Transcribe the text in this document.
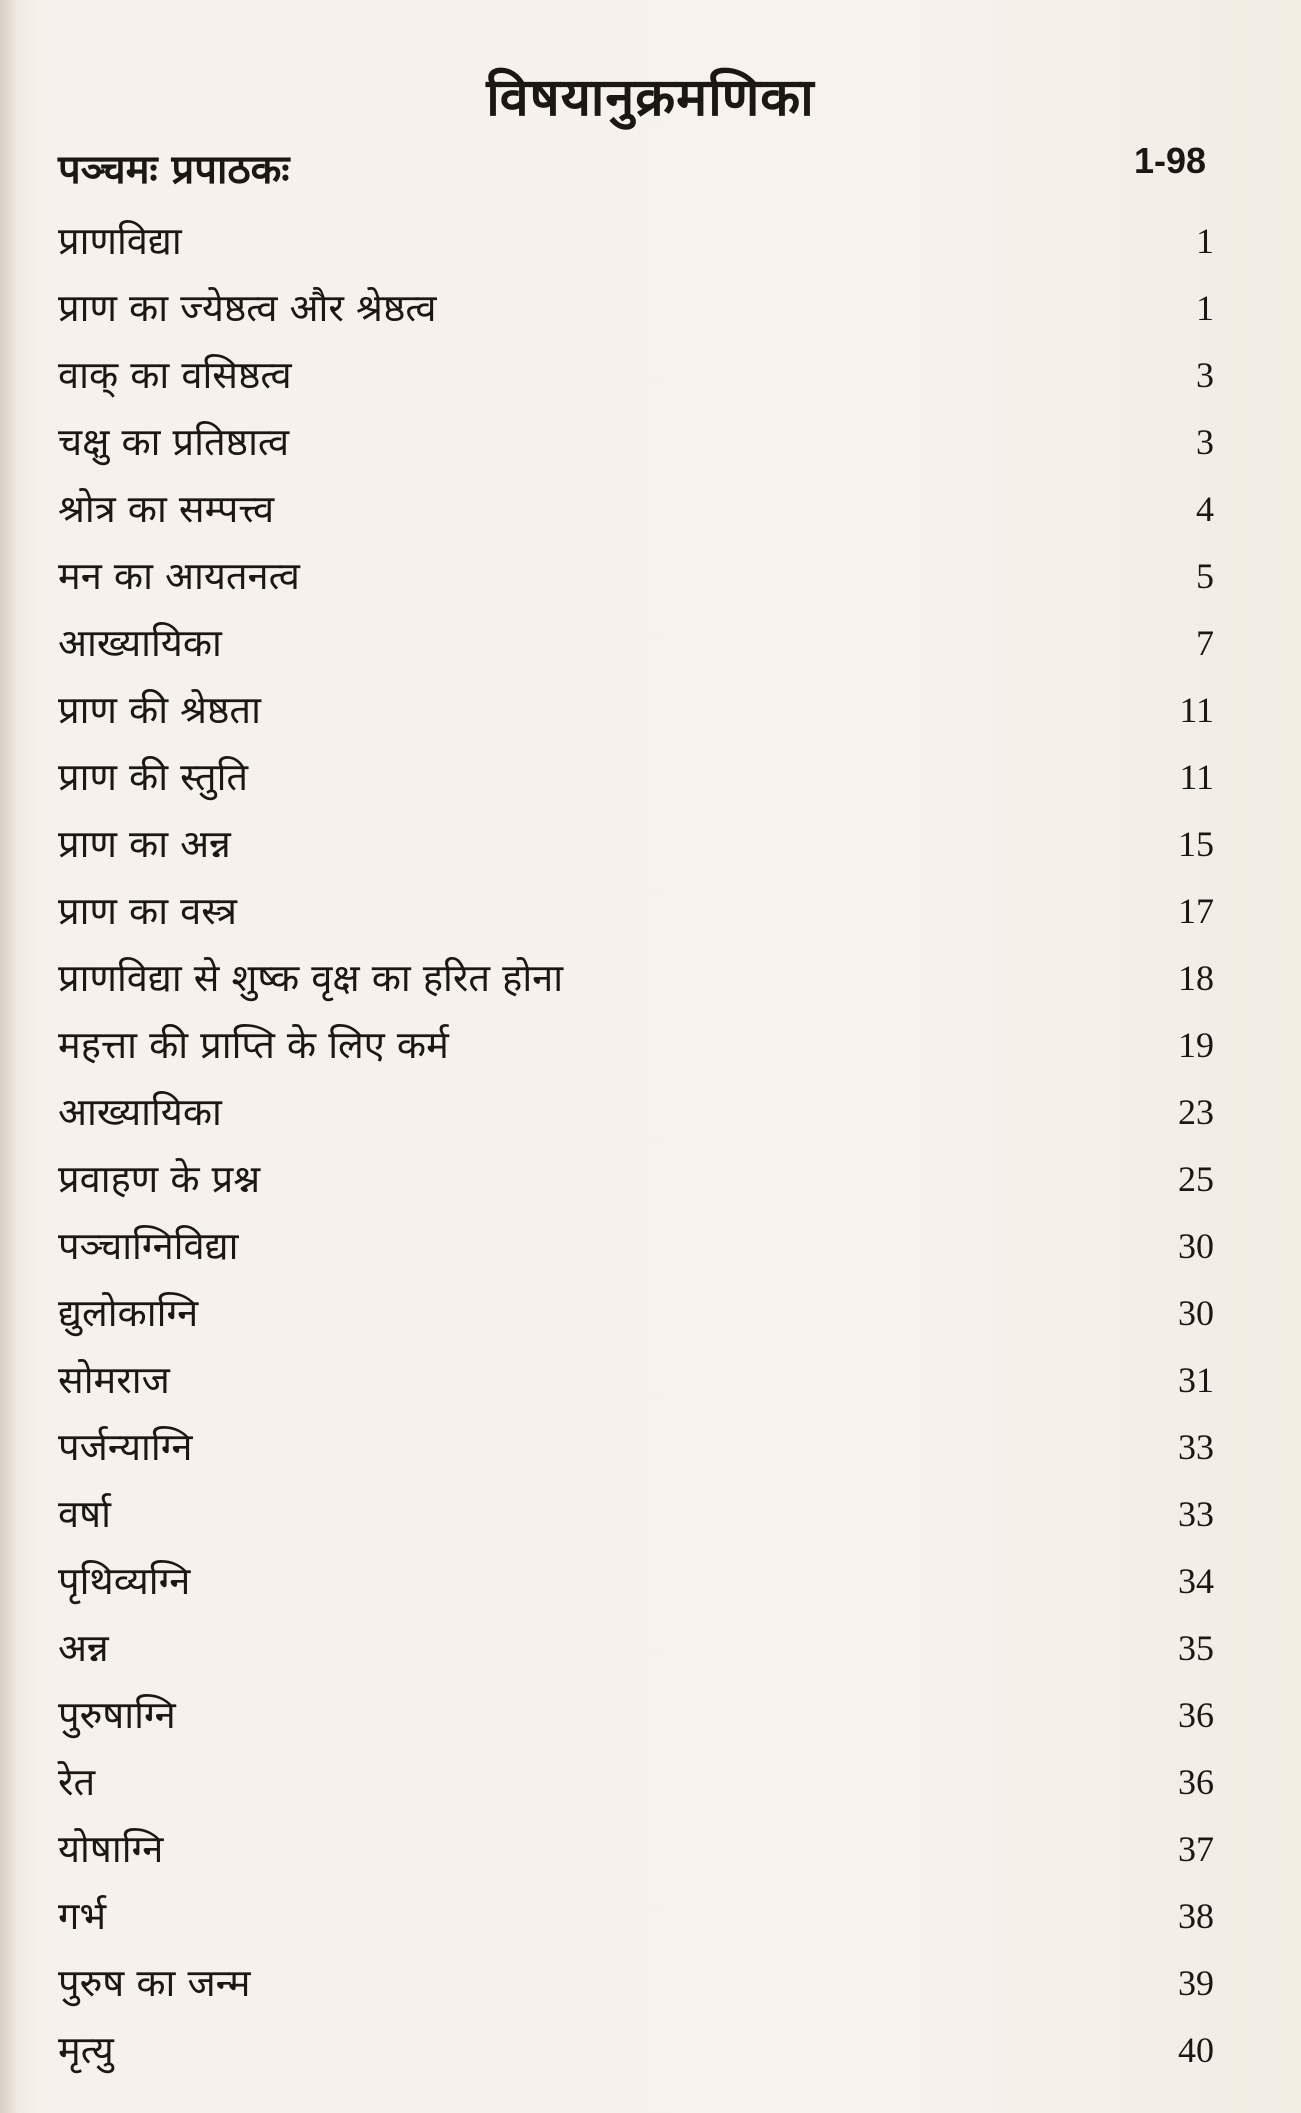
विषयानुक्रमणिका
पञ्चमः प्रपाठकः	1-98
प्राणविद्या	1
प्राण का ज्येष्ठत्व और श्रेष्ठत्व	1
वाक् का वसिष्ठत्व	3
चक्षु का प्रतिष्ठात्व	3
श्रोत्र का सम्पत्त्व	4
मन का आयतनत्व	5
आख्यायिका	7
प्राण की श्रेष्ठता	11
प्राण की स्तुति	11
प्राण का अन्न	15
प्राण का वस्त्र	17
प्राणविद्या से शुष्क वृक्ष का हरित होना	18
महत्ता की प्राप्ति के लिए कर्म	19
आख्यायिका	23
प्रवाहण के प्रश्न	25
पञ्चाग्निविद्या	30
द्युलोकाग्नि	30
सोमराज	31
पर्जन्याग्नि	33
वर्षा	33
पृथिव्यग्नि	34
अन्न	35
पुरुषाग्नि	36
रेत	36
योषाग्नि	37
गर्भ	38
पुरुष का जन्म	39
मृत्यु	40
